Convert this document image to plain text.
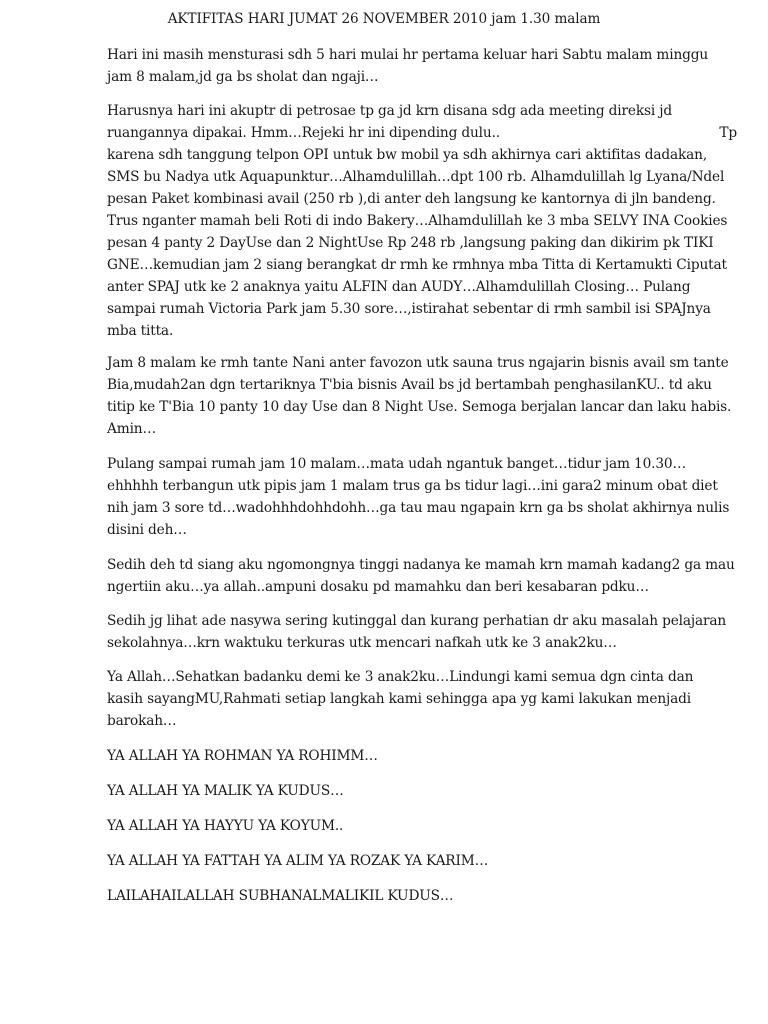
AKTIFITAS HARI JUMAT 26 NOVEMBER 2010 jam 1.30 malam

Hari ini masih mensturasi sdh 5 hari mulai hr pertama keluar hari Sabtu malam minggu
jam 8 malam,jd ga bs sholat dan ngaji…

Harusnya hari ini akuptr di petrosae tp ga jd krn disana sdg ada meeting direksi jd
ruangannya dipakai. Hmm…Rejeki hr ini dipending dulu..	Tp
karena sdh tanggung telpon OPI untuk bw mobil ya sdh akhirnya cari aktifitas dadakan,
SMS bu Nadya utk Aquapunktur…Alhamdulillah…dpt 100 rb. Alhamdulillah lg Lyana/Ndel
pesan Paket kombinasi avail (250 rb ),di anter deh langsung ke kantornya di jln bandeng.
Trus nganter mamah beli Roti di indo Bakery…Alhamdulillah ke 3 mba SELVY INA Cookies
pesan 4 panty 2 DayUse dan 2 NightUse Rp 248 rb ,langsung paking dan dikirim pk TIKI
GNE…kemudian jam 2 siang berangkat dr rmh ke rmhnya mba Titta di Kertamukti Ciputat
anter SPAJ utk ke 2 anaknya yaitu ALFIN dan AUDY…Alhamdulillah Closing… Pulang
sampai rumah Victoria Park jam 5.30 sore…,istirahat sebentar di rmh sambil isi SPAJnya
mba titta.

Jam 8 malam ke rmh tante Nani anter favozon utk sauna trus ngajarin bisnis avail sm tante
Bia,mudah2an dgn tertariknya T'bia bisnis Avail bs jd bertambah penghasilanKU.. td aku
titip ke T'Bia 10 panty 10 day Use dan 8 Night Use. Semoga berjalan lancar dan laku habis.
Amin…

Pulang sampai rumah jam 10 malam…mata udah ngantuk banget…tidur jam 10.30…
ehhhhh terbangun utk pipis jam 1 malam trus ga bs tidur lagi…ini gara2 minum obat diet
nih jam 3 sore td…wadohhhdohhdohh…ga tau mau ngapain krn ga bs sholat akhirnya nulis
disini deh…

Sedih deh td siang aku ngomongnya tinggi nadanya ke mamah krn mamah kadang2 ga mau
ngertiin aku…ya allah..ampuni dosaku pd mamahku dan beri kesabaran pdku…

Sedih jg lihat ade nasywa sering kutinggal dan kurang perhatian dr aku masalah pelajaran
sekolahnya…krn waktuku terkuras utk mencari nafkah utk ke 3 anak2ku…

Ya Allah…Sehatkan badanku demi ke 3 anak2ku…Lindungi kami semua dgn cinta dan
kasih sayangMU,Rahmati setiap langkah kami sehingga apa yg kami lakukan menjadi
barokah…

YA ALLAH YA ROHMAN YA ROHIMM…

YA ALLAH YA MALIK YA KUDUS…

YA ALLAH YA HAYYU YA KOYUM..

YA ALLAH YA FATTAH YA ALIM YA ROZAK YA KARIM…

LAILAHAILALLAH SUBHANALMALIKIL KUDUS…
